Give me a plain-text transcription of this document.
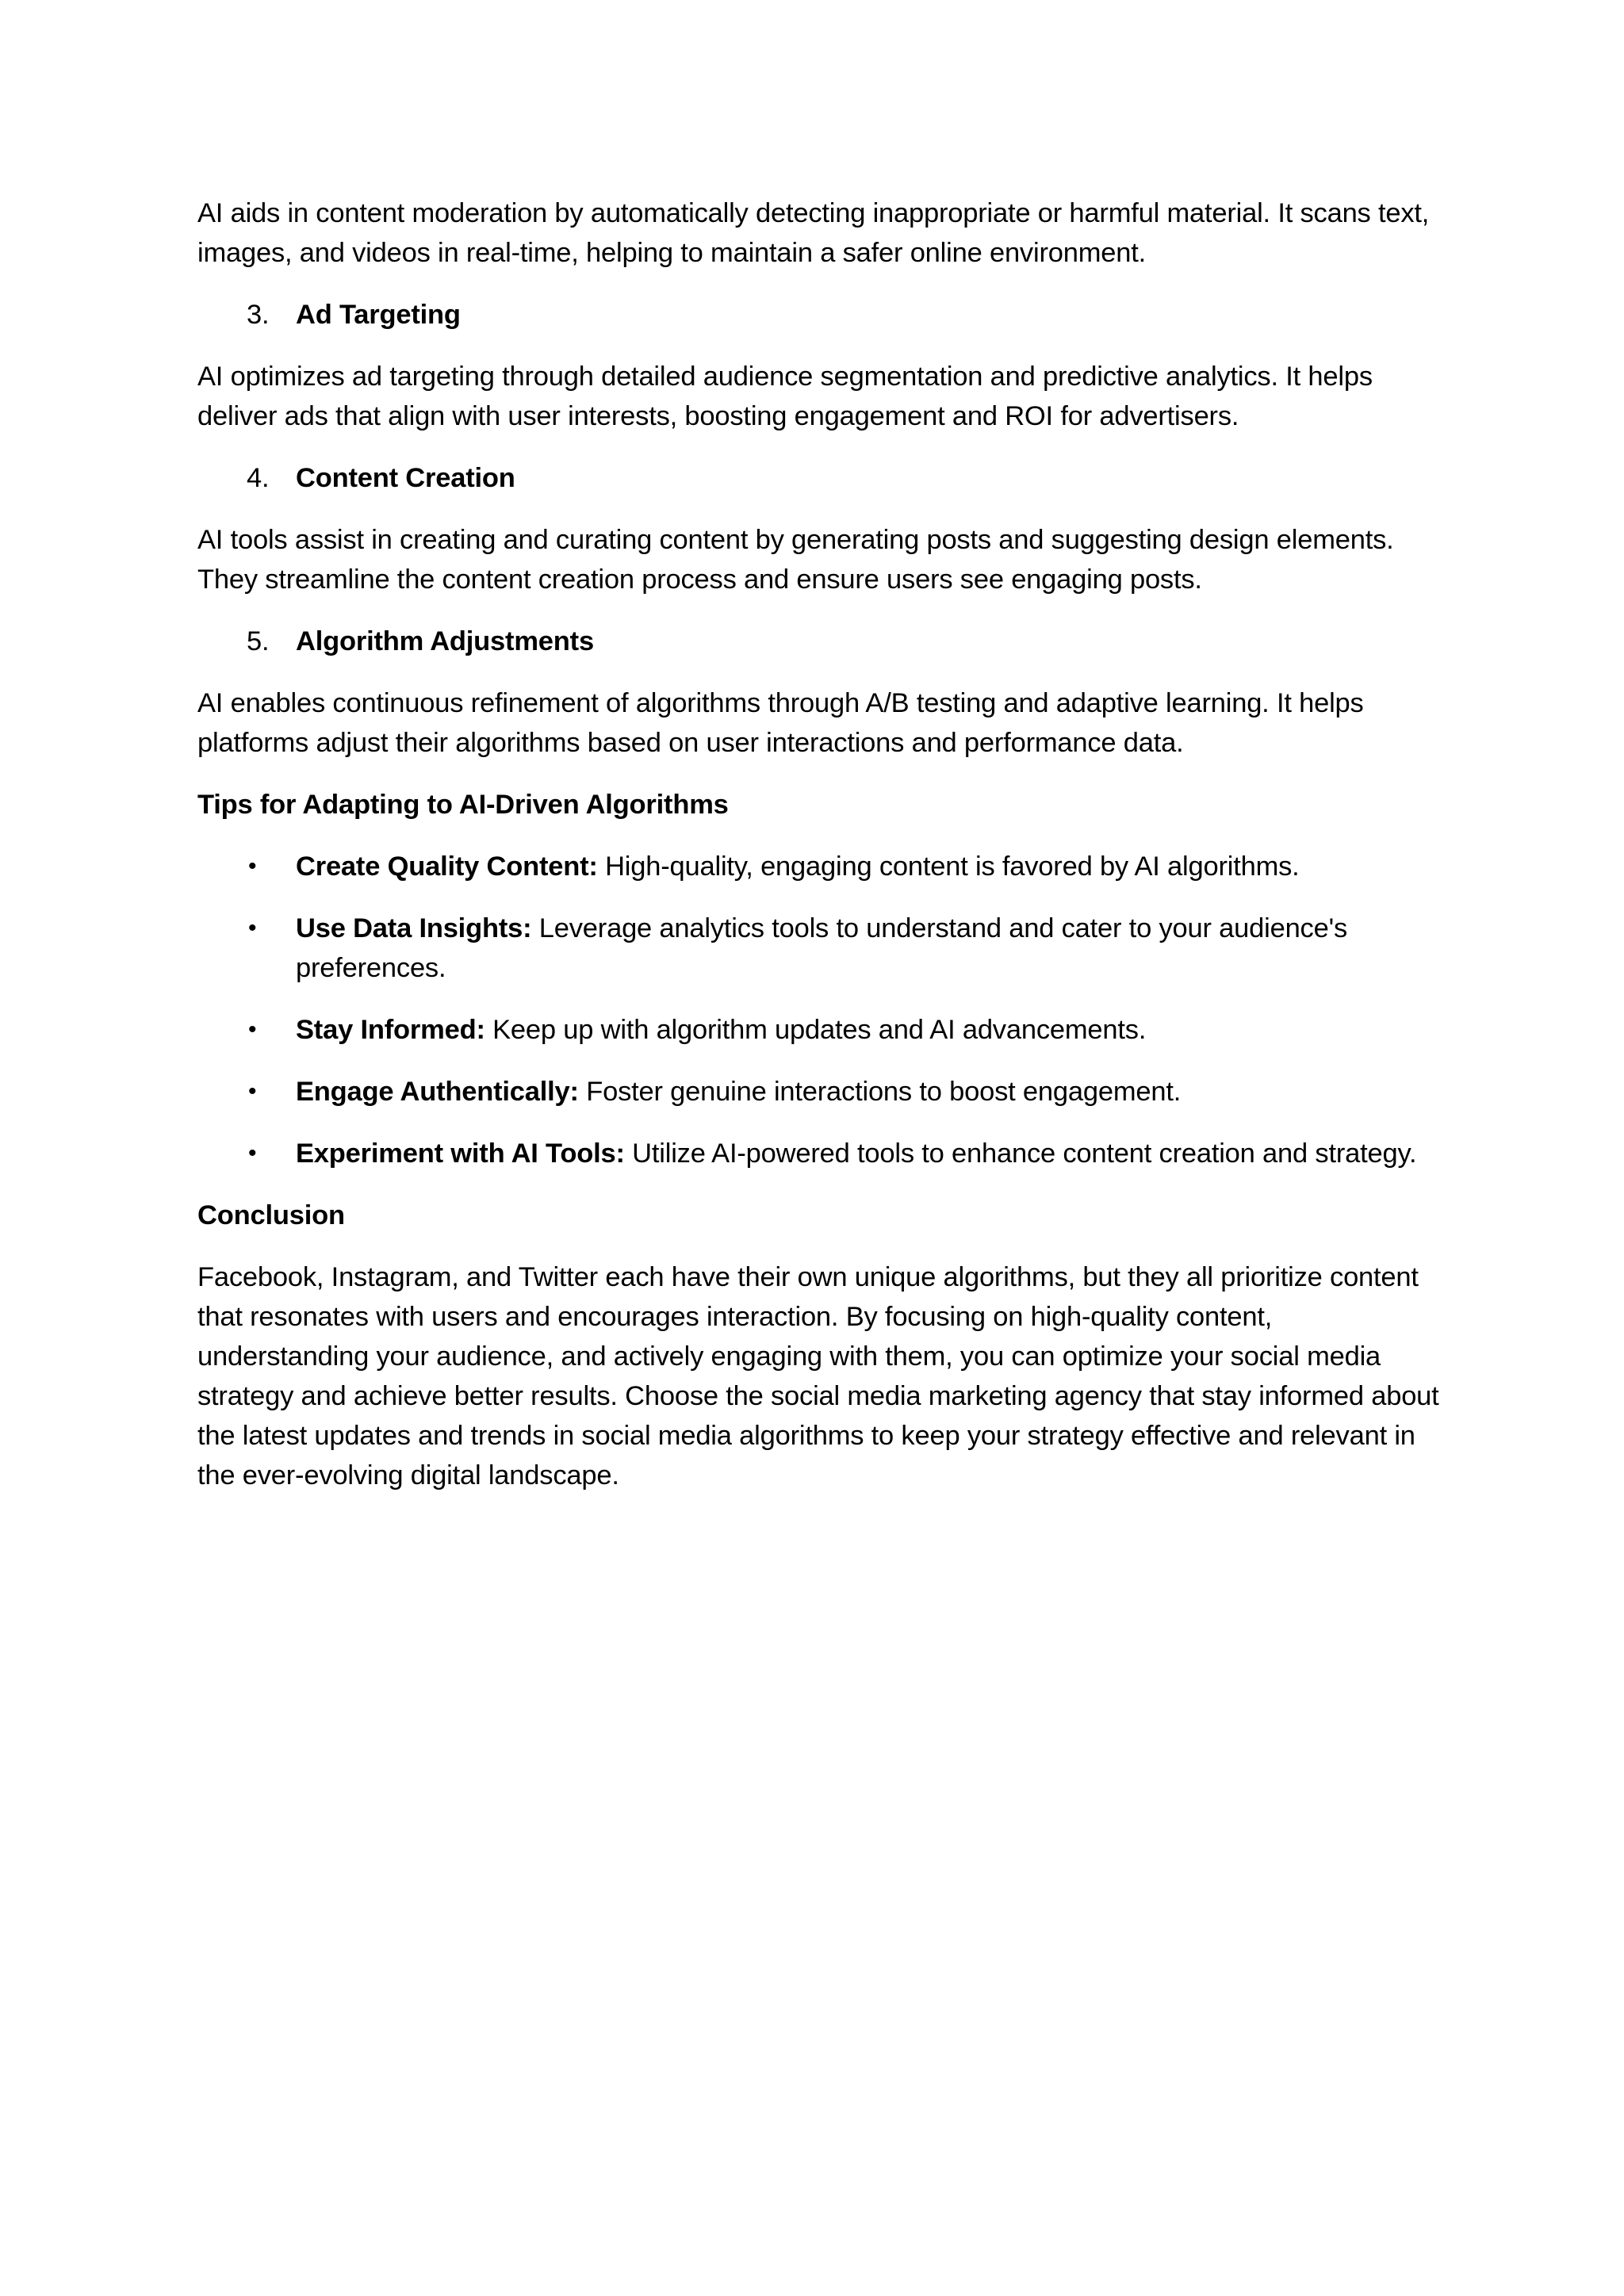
AI aids in content moderation by automatically detecting inappropriate or harmful material. It scans text, images, and videos in real-time, helping to maintain a safer online environment.

3. Ad Targeting

AI optimizes ad targeting through detailed audience segmentation and predictive analytics. It helps deliver ads that align with user interests, boosting engagement and ROI for advertisers.

4. Content Creation

AI tools assist in creating and curating content by generating posts and suggesting design elements. They streamline the content creation process and ensure users see engaging posts.

5. Algorithm Adjustments

AI enables continuous refinement of algorithms through A/B testing and adaptive learning. It helps platforms adjust their algorithms based on user interactions and performance data.

Tips for Adapting to AI-Driven Algorithms
• Create Quality Content: High-quality, engaging content is favored by AI algorithms.
• Use Data Insights: Leverage analytics tools to understand and cater to your audience's preferences.
• Stay Informed: Keep up with algorithm updates and AI advancements.
• Engage Authentically: Foster genuine interactions to boost engagement.
• Experiment with AI Tools: Utilize AI-powered tools to enhance content creation and strategy.
Conclusion

Facebook, Instagram, and Twitter each have their own unique algorithms, but they all prioritize content that resonates with users and encourages interaction. By focusing on high-quality content, understanding your audience, and actively engaging with them, you can optimize your social media strategy and achieve better results. Choose the social media marketing agency that stay informed about the latest updates and trends in social media algorithms to keep your strategy effective and relevant in the ever-evolving digital landscape.
